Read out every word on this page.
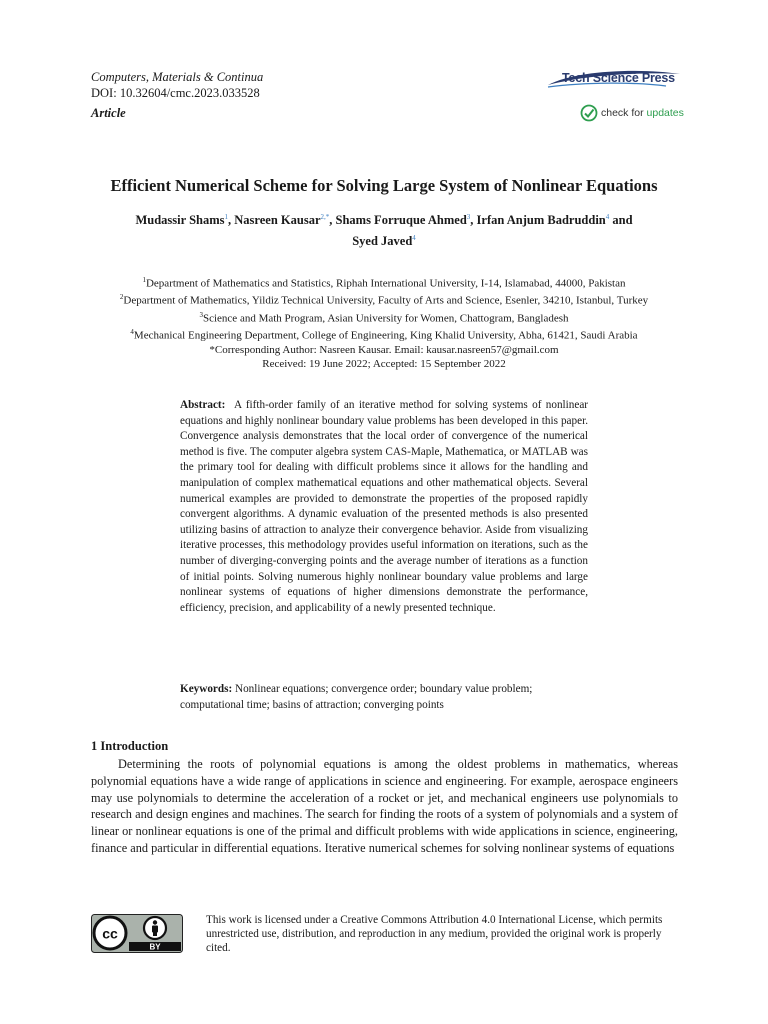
Computers, Materials & Continua
DOI: 10.32604/cmc.2023.033528
Article
Tech Science Press
check for updates
Efficient Numerical Scheme for Solving Large System of Nonlinear Equations
Mudassir Shams$^1$, Nasreen Kausar$^{2,*}$, Shams Forruque Ahmed$^3$, Irfan Anjum Badruddin$^4$ and
Syed Javed$^4$
$^1$Department of Mathematics and Statistics, Riphah International University, I-14, Islamabad, 44000, Pakistan
$^2$Department of Mathematics, Yildiz Technical University, Faculty of Arts and Science, Esenler, 34210, Istanbul, Turkey
$^3$Science and Math Program, Asian University for Women, Chattogram, Bangladesh
$^4$Mechanical Engineering Department, College of Engineering, King Khalid University, Abha, 61421, Saudi Arabia
*Corresponding Author: Nasreen Kausar. Email: kausar.nasreen57@gmail.com
Received: 19 June 2022; Accepted: 15 September 2022
Abstract: A fifth-order family of an iterative method for solving systems of nonlinear equations and highly nonlinear boundary value problems has been developed in this paper. Convergence analysis demonstrates that the local order of convergence of the numerical method is five. The computer algebra system CAS-Maple, Mathematica, or MATLAB was the primary tool for dealing with difficult problems since it allows for the handling and manipulation of complex mathematical equations and other mathematical objects. Several numerical examples are provided to demonstrate the properties of the proposed rapidly convergent algorithms. A dynamic evaluation of the presented methods is also presented utilizing basins of attraction to analyze their convergence behavior. Aside from visualizing iterative processes, this methodology provides useful information on iterations, such as the number of diverging-converging points and the average number of iterations as a function of initial points. Solving numerous highly nonlinear boundary value problems and large nonlinear systems of equations of higher dimensions demonstrate the performance, efficiency, precision, and applicability of a newly presented technique.
Keywords: Nonlinear equations; convergence order; boundary value problem; computational time; basins of attraction; converging points
1 Introduction
Determining the roots of polynomial equations is among the oldest problems in mathematics, whereas polynomial equations have a wide range of applications in science and engineering. For example, aerospace engineers may use polynomials to determine the acceleration of a rocket or jet, and mechanical engineers use polynomials to research and design engines and machines. The search for finding the roots of a system of polynomials and a system of linear or nonlinear equations is one of the primal and difficult problems with wide applications in science, engineering, finance and particular in differential equations. Iterative numerical schemes for solving nonlinear systems of equations
cc
BY
This work is licensed under a Creative Commons Attribution 4.0 International License, which permits unrestricted use, distribution, and reproduction in any medium, provided the original work is properly cited.
